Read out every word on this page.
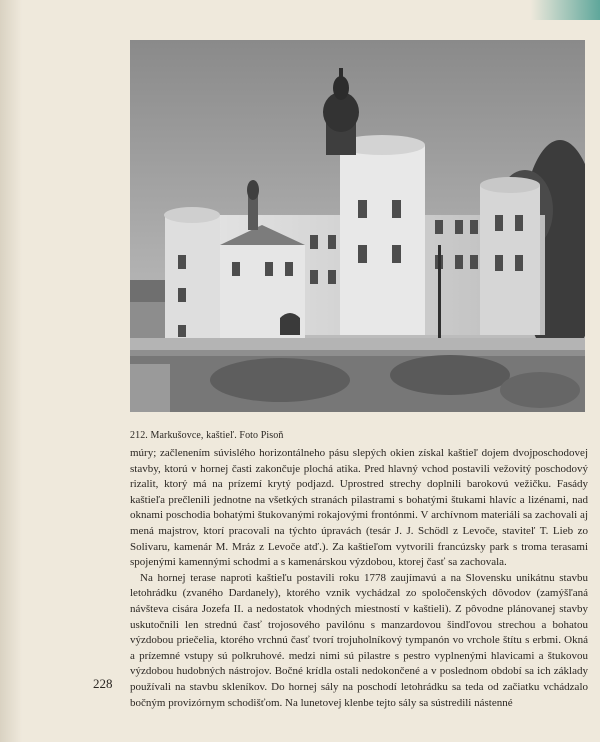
212. Markušovce, kaštieľ. Foto Pisoň

múry; začlenením súvislého horizontálneho pásu slepých okien získal kaštieľ dojem dvojposchodovej stavby, ktorú v hornej časti zakončuje plochá atika. Pred hlavný vchod postavili vežovitý poschodový rizalit, ktorý má na prízemí krytý podjazd. Uprostred strechy doplnili barokovú vežičku. Fasády kaštieľa prečlenili jednotne na všetkých stranách pilastrami s bohatými štukami hlavíc a lizénami, nad oknami poschodia bohatými štukovanými rokajovými frontónmi. V archívnom materiáli sa zachovali aj mená majstrov, ktorí pracovali na týchto úpravách (tesár J. J. Schödl z Levoče, staviteľ T. Lieb zo Solivaru, kamenár M. Mráz z Levoče atď.). Za kaštieľom vytvorili francúzsky park s troma terasami spojenými kamennými schodmi a s kamenárskou výzdobou, ktorej časť sa zachovala.

Na hornej terase naproti kaštieľu postavili roku 1778 zaujímavú a na Slovensku unikátnu stavbu letohrádku (zvaného Dardanely), ktorého vznik vychádzal zo spoločenských dôvodov (zamýšľaná návšteva cisára Jozefa II. a nedostatok vhodných miestností v kaštieli). Z pôvodne plánovanej stavby uskutočnili len strednú časť trojosového pavilónu s manzardovou šindľovou strechou a bohatou výzdobou priečelia, ktorého vrchnú časť tvorí trojuholníkový tympanón vo vrchole štítu s erbmi. Okná a prízemné vstupy sú polkruhové. medzi nimi sú pilastre s pestro vyplnenými hlavicami a štukovou výzdobou hudobných nástrojov. Bočné krídla ostali nedokončené a v poslednom období sa ich základy používali na stavbu skleníkov. Do hornej sály na poschodí letohrádku sa teda od začiatku vchádzalo bočným provizórnym schodišťom. Na lunetovej klenbe tejto sály sa sústredili nástenné

228
